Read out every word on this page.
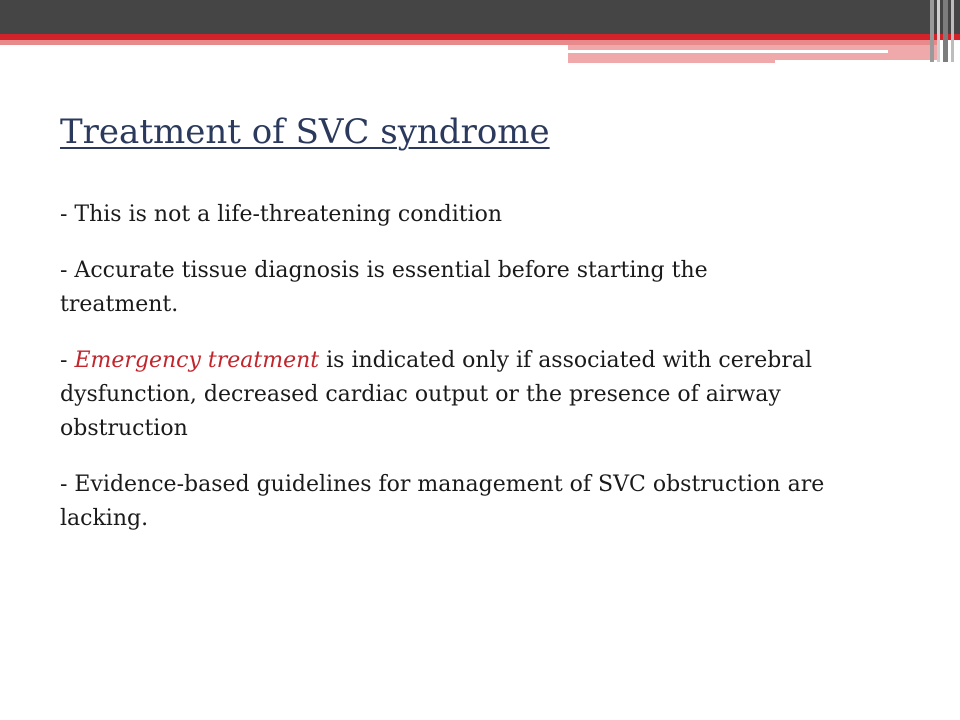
Treatment of SVC syndrome

- This is not a life-threatening condition

- Accurate tissue diagnosis is essential before starting the treatment.

- Emergency treatment is indicated only if associated with cerebral dysfunction, decreased cardiac output or the presence of airway obstruction

- Evidence-based guidelines for management of SVC obstruction are lacking.
